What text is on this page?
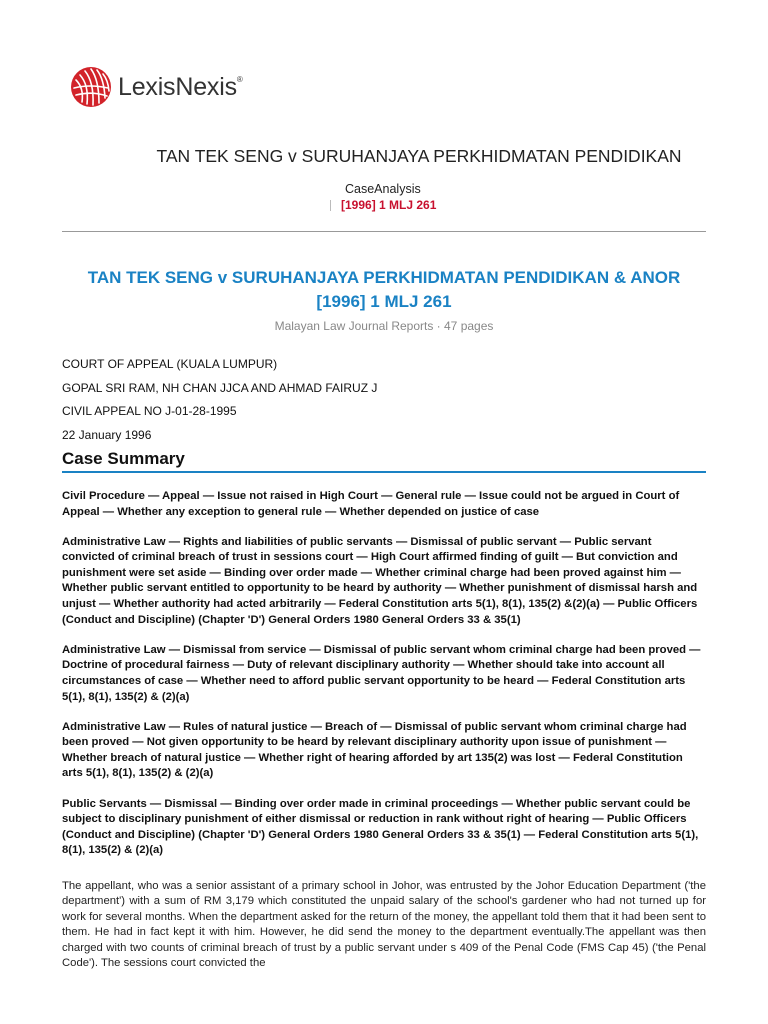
LexisNexis®
TAN TEK SENG v SURUHANJAYA PERKHIDMATAN PENDIDIKAN
CaseAnalysis
[1996] 1 MLJ 261
TAN TEK SENG v SURUHANJAYA PERKHIDMATAN PENDIDIKAN & ANOR
[1996] 1 MLJ 261
Malayan Law Journal Reports · 47 pages
COURT OF APPEAL (KUALA LUMPUR)
GOPAL SRI RAM, NH CHAN JJCA AND AHMAD FAIRUZ J
CIVIL APPEAL NO J-01-28-1995
22 January 1996
Case Summary

Civil Procedure — Appeal — Issue not raised in High Court — General rule — Issue could not be argued in Court of Appeal — Whether any exception to general rule — Whether depended on justice of case

Administrative Law — Rights and liabilities of public servants — Dismissal of public servant — Public servant convicted of criminal breach of trust in sessions court — High Court affirmed finding of guilt — But conviction and punishment were set aside — Binding over order made — Whether criminal charge had been proved against him — Whether public servant entitled to opportunity to be heard by authority — Whether punishment of dismissal harsh and unjust — Whether authority had acted arbitrarily — Federal Constitution arts 5(1), 8(1), 135(2) &(2)(a) — Public Officers (Conduct and Discipline) (Chapter 'D') General Orders 1980 General Orders 33 & 35(1)

Administrative Law — Dismissal from service — Dismissal of public servant whom criminal charge had been proved — Doctrine of procedural fairness — Duty of relevant disciplinary authority — Whether should take into account all circumstances of case — Whether need to afford public servant opportunity to be heard — Federal Constitution arts 5(1), 8(1), 135(2) & (2)(a)

Administrative Law — Rules of natural justice — Breach of — Dismissal of public servant whom criminal charge had been proved — Not given opportunity to be heard by relevant disciplinary authority upon issue of punishment — Whether breach of natural justice — Whether right of hearing afforded by art 135(2) was lost — Federal Constitution arts 5(1), 8(1), 135(2) & (2)(a)

Public Servants — Dismissal — Binding over order made in criminal proceedings — Whether public servant could be subject to disciplinary punishment of either dismissal or reduction in rank without right of hearing — Public Officers (Conduct and Discipline) (Chapter 'D') General Orders 1980 General Orders 33 & 35(1) — Federal Constitution arts 5(1), 8(1), 135(2) & (2)(a)

The appellant, who was a senior assistant of a primary school in Johor, was entrusted by the Johor Education Department ('the department') with a sum of RM 3,179 which constituted the unpaid salary of the school's gardener who had not turned up for work for several months. When the department asked for the return of the money, the appellant told them that it had been sent to them. He had in fact kept it with him. However, he did send the money to the department eventually.The appellant was then charged with two counts of criminal breach of trust by a public servant under s 409 of the Penal Code (FMS Cap 45) ('the Penal Code'). The sessions court convicted the
